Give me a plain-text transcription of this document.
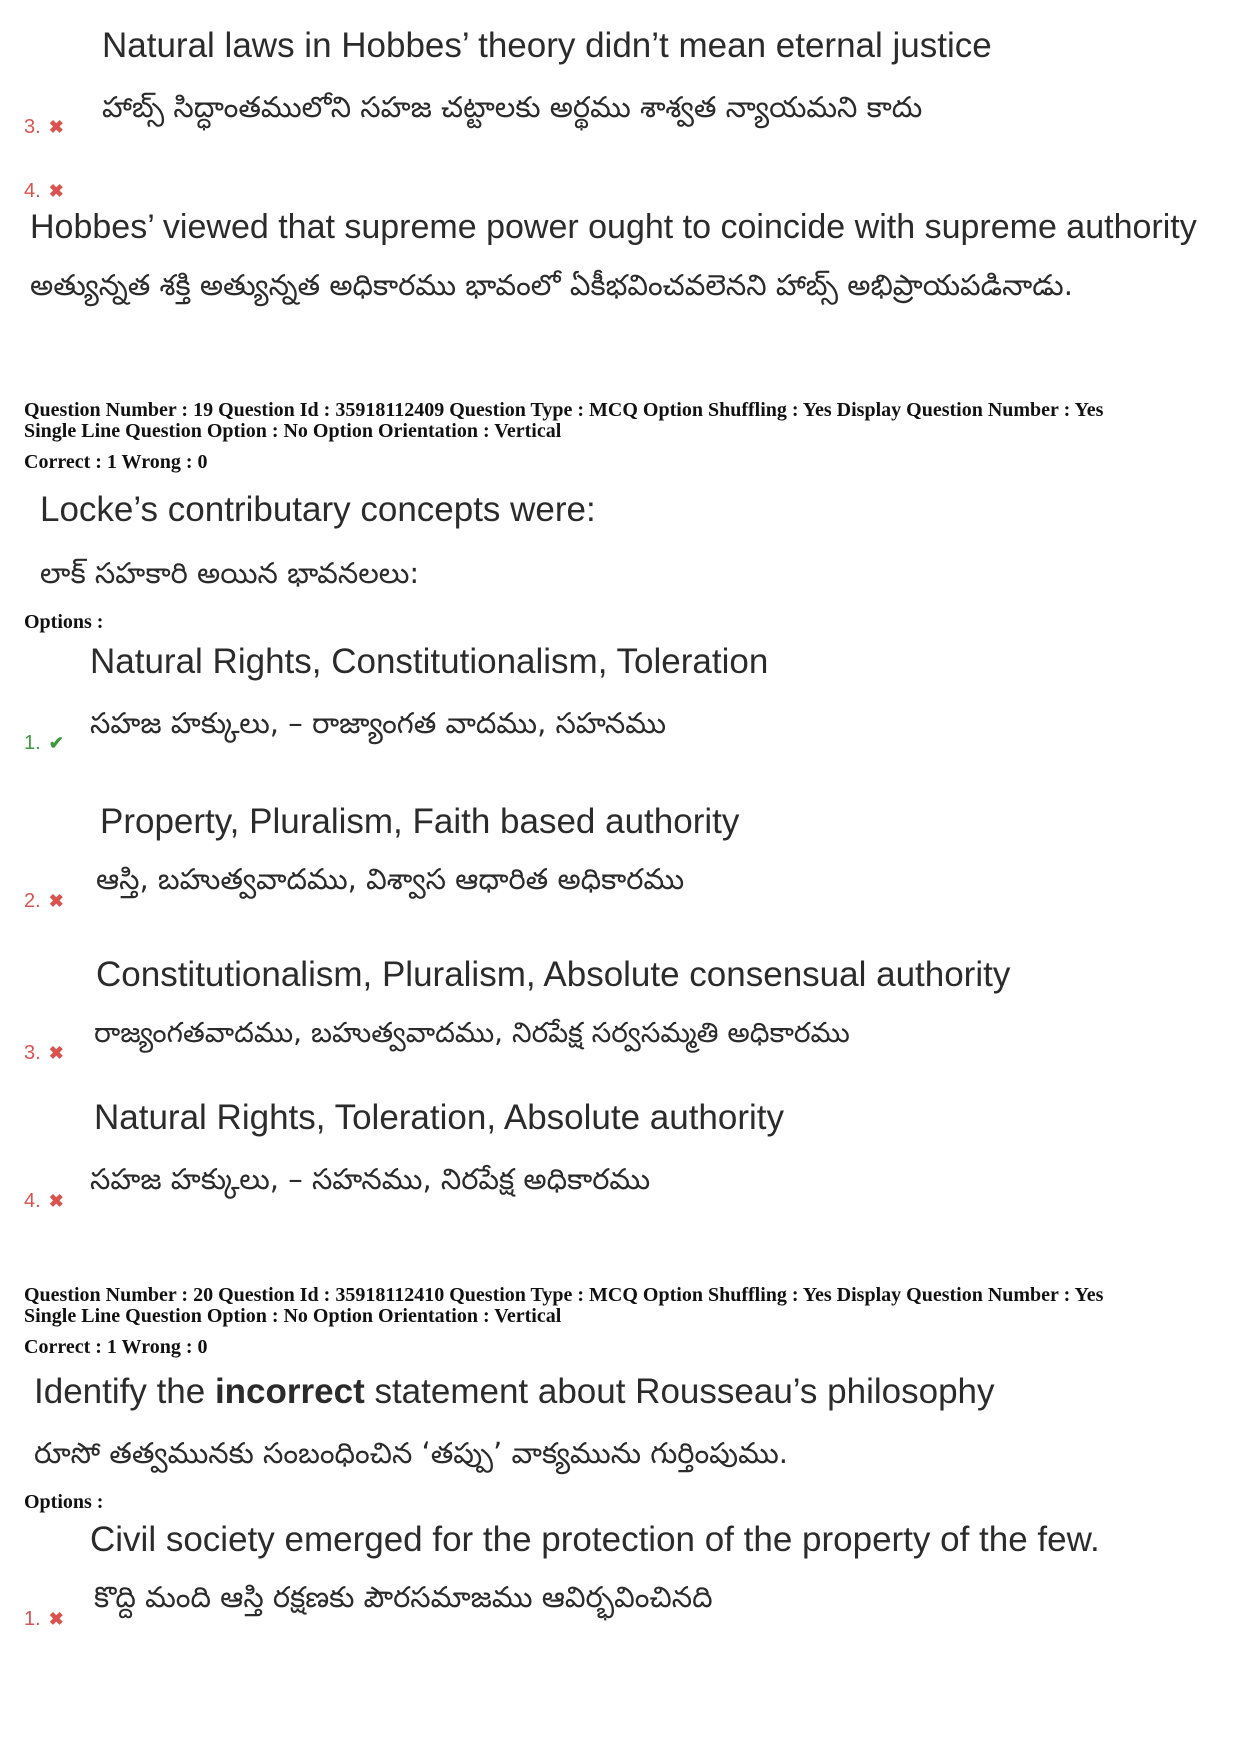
Natural laws in Hobbes’ theory didn’t mean eternal justice
హాబ్స్ సిద్ధాంతములోని సహజ చట్టాలకు అర్థము శాశ్వత న్యాయమని కాదు
3. ✖
4. ✖
Hobbes’ viewed that supreme power ought to coincide with supreme authority
అత్యున్నత శక్తి అత్యున్నత అధికారము భావంలో ఏకీభవించవలెనని హాబ్స్ అభిప్రాయపడినాడు.
Question Number : 19 Question Id : 35918112409 Question Type : MCQ Option Shuffling : Yes Display Question Number : Yes
Single Line Question Option : No Option Orientation : Vertical
Correct : 1 Wrong : 0
Locke’s contributary concepts were:
లాక్ సహకారి అయిన భావనలలు:
Options :
Natural Rights, Constitutionalism, Toleration
సహజ హక్కులు, – రాజ్యాంగత వాదము, సహనము
1. ✔
Property, Pluralism, Faith based authority
ఆస్తి, బహుత్వవాదము, విశ్వాస ఆధారిత అధికారము
2. ✖
Constitutionalism, Pluralism, Absolute consensual authority
రాజ్యంగతవాదము, బహుత్వవాదము, నిరపేక్ష సర్వసమ్మతి అధికారము
3. ✖
Natural Rights, Toleration, Absolute authority
సహజ హక్కులు, – సహనము, నిరపేక్ష అధికారము
4. ✖
Question Number : 20 Question Id : 35918112410 Question Type : MCQ Option Shuffling : Yes Display Question Number : Yes
Single Line Question Option : No Option Orientation : Vertical
Correct : 1 Wrong : 0
Identify the incorrect statement about Rousseau’s philosophy
రూసో తత్వమునకు సంబంధించిన ‘తప్పు’ వాక్యమును గుర్తింపుము.
Options :
Civil society emerged for the protection of the property of the few.
కొద్ది మంది ఆస్తి రక్షణకు పౌరసమాజము ఆవిర్భవించినది
1. ✖
